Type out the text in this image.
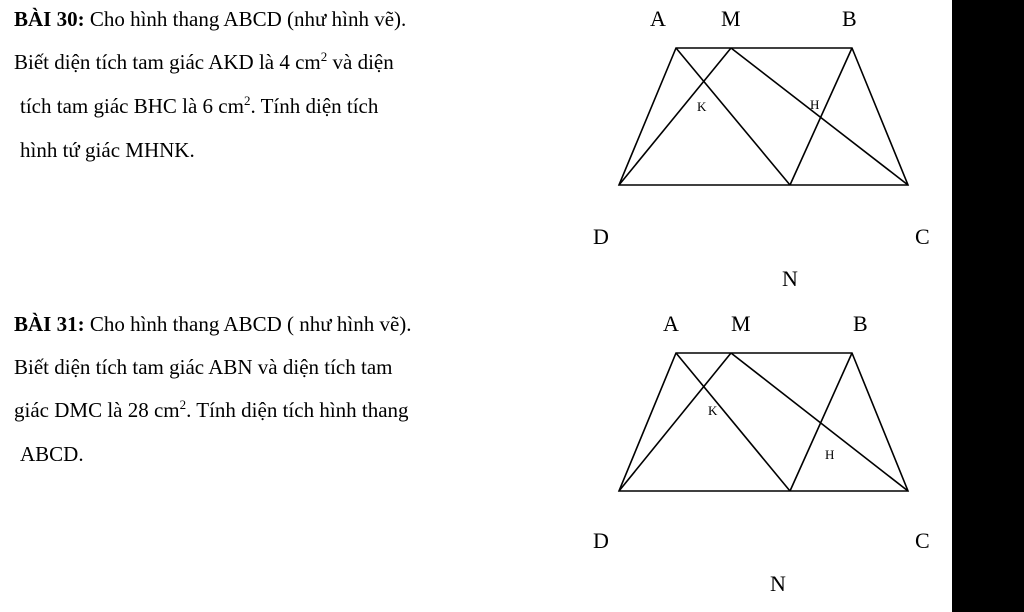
BÀI 30: Cho hình thang ABCD (như hình vẽ).
Biết diện tích tam giác AKD là 4 $cm^2$ và diện
tích tam giác BHC là 6 $cm^2$. Tính diện tích
hình tứ giác MHNK.
BÀI 31: Cho hình thang ABCD ( như hình vẽ).
Biết diện tích tam giác ABN và diện tích tam
giác DMC là 28 $cm^2$. Tính diện tích hình thang
ABCD.
A	M	B
K	H
D	C
N
A M	B
K
H
D	C
N
